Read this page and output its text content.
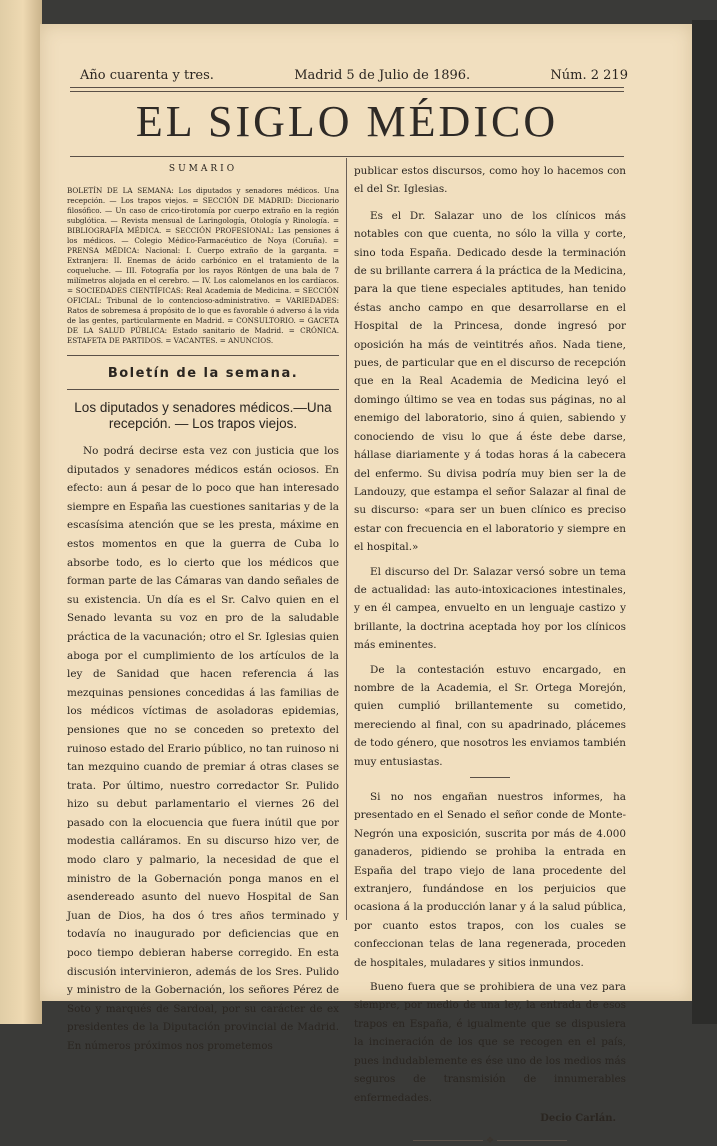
Año cuarenta y tres.	Madrid 5 de Julio de 1896.	Núm. 2 219
EL SIGLO MÉDICO
SUMARIO
BOLETÍN DE LA SEMANA: Los diputados y senadores médicos. Una recepción. — Los trapos viejos. = SECCIÓN DE MADRID: Diccionario filosófico. — Un caso de crico-tirotomía por cuerpo extraño en la región subglótica. — Revista mensual de Laringología, Otología y Rinología. = BIBLIOGRAFÍA MÉDICA. = SECCIÓN PROFESIONAL: Las pensiones á los médicos. — Colegio Médico-Farmacéutico de Noya (Coruña). = PRENSA MÉDICA: Nacional: I. Cuerpo extraño de la garganta. = Extranjera: II. Enemas de ácido carbónico en el tratamiento de la coqueluche. — III. Fotografía por los rayos Röntgen de una bala de 7 milímetros alojada en el cerebro. — IV. Los calomelanos en los cardíacos. = SOCIEDADES CIENTÍFICAS: Real Academia de Medicina. = SECCIÓN OFICIAL: Tribunal de lo contencioso-administrativo. = VARIEDADES: Ratos de sobremesa á propósito de lo que es favorable ó adverso á la vida de las gentes, particularmente en Madrid. = CONSULTORIO. = GACETA DE LA SALUD PÚBLICA: Estado sanitario de Madrid. = CRÓNICA. ESTAFETA DE PARTIDOS. = VACANTES. = ANUNCIOS.
Boletín de la semana.
Los diputados y senadores médicos.—Una recepción. — Los trapos viejos.
No podrá decirse esta vez con justicia que los diputados y senadores médicos están ociosos. En efecto: aun á pesar de lo poco que han interesado siempre en España las cuestiones sanitarias y de la escasísima atención que se les presta, máxime en estos momentos en que la guerra de Cuba lo absorbe todo, es lo cierto que los médicos que forman parte de las Cámaras van dando señales de su existencia. Un día es el Sr. Calvo quien en el Senado levanta su voz en pro de la saludable práctica de la vacunación; otro el Sr. Iglesias quien aboga por el cumplimiento de los artículos de la ley de Sanidad que hacen referencia á las mezquinas pensiones concedidas á las familias de los médicos víctimas de asoladoras epidemias, pensiones que no se conceden so pretexto del ruinoso estado del Erario público, no tan ruinoso ni tan mezquino cuando de premiar á otras clases se trata. Por último, nuestro corredactor Sr. Pulido hizo su debut parlamentario el viernes 26 del pasado con la elocuencia que fuera inútil que por modestia calláramos. En su discurso hizo ver, de modo claro y palmario, la necesidad de que el ministro de la Gobernación ponga manos en el asendereado asunto del nuevo Hospital de San Juan de Dios, ha dos ó tres años terminado y todavía no inaugurado por deficiencias que en poco tiempo debieran haberse corregido. En esta discusión intervinieron, además de los Sres. Pulido y ministro de la Gobernación, los señores Pérez de Soto y marqués de Sardoal, por su carácter de ex presidentes de la Diputación provincial de Madrid. En números próximos nos prometemos

publicar estos discursos, como hoy lo hacemos con el del Sr. Iglesias.

Es el Dr. Salazar uno de los clínicos más notables con que cuenta, no sólo la villa y corte, sino toda España. Dedicado desde la terminación de su brillante carrera á la práctica de la Medicina, para la que tiene especiales aptitudes, han tenido éstas ancho campo en que desarrollarse en el Hospital de la Princesa, donde ingresó por oposición ha más de veintitrés años. Nada tiene, pues, de particular que en el discurso de recepción que en la Real Academia de Medicina leyó el domingo último se vea en todas sus páginas, no al enemigo del laboratorio, sino á quien, sabiendo y conociendo de visu lo que á éste debe darse, hállase diariamente y á todas horas á la cabecera del enfermo. Su divisa podría muy bien ser la de Landouzy, que estampa el señor Salazar al final de su discurso: «para ser un buen clínico es preciso estar con frecuencia en el laboratorio y siempre en el hospital.»

El discurso del Dr. Salazar versó sobre un tema de actualidad: las auto-intoxicaciones intestinales, y en él campea, envuelto en un lenguaje castizo y brillante, la doctrina aceptada hoy por los clínicos más eminentes.

De la contestación estuvo encargado, en nombre de la Academia, el Sr. Ortega Morejón, quien cumplió brillantemente su cometido, mereciendo al final, con su apadrinado, plácemes de todo género, que nosotros les enviamos también muy entusiastas.

Si no nos engañan nuestros informes, ha presentado en el Senado el señor conde de Monte-Negrón una exposición, suscrita por más de 4.000 ganaderos, pidiendo se prohiba la entrada en España del trapo viejo de lana procedente del extranjero, fundándose en los perjuicios que ocasiona á la producción lanar y á la salud pública, por cuanto estos trapos, con los cuales se confeccionan telas de lana regenerada, proceden de hospitales, muladares y sitios inmundos.

Bueno fuera que se prohibiera de una vez para siempre, por medio de una ley, la entrada de esos trapos en España, é igualmente que se dispusiera la incineración de los que se recogen en el país, pues indudablemente es ése uno de los medios más seguros de transmisión de innumerables enfermedades.

Decio Carlán.
❖
